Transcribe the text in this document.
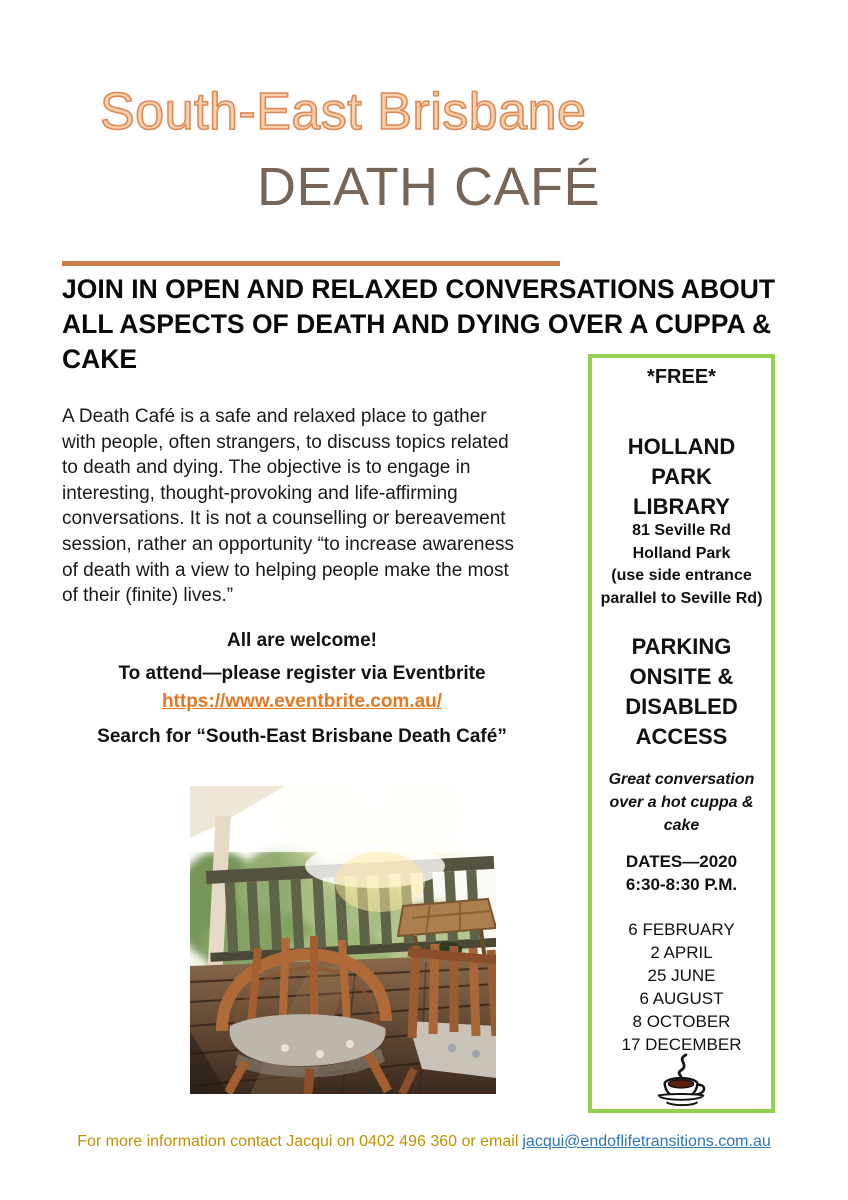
South-East Brisbane
DEATH CAFÉ
JOIN IN OPEN AND RELAXED CONVERSATIONS ABOUT
ALL ASPECTS OF DEATH AND DYING OVER A CUPPA &
CAKE
A Death Café is a safe and relaxed place to gather
with people, often strangers, to discuss topics related
to death and dying. The objective is to engage in
interesting, thought-provoking and life-affirming
conversations. It is not a counselling or bereavement
session, rather an opportunity “to increase awareness
of death with a view to helping people make the most
of their (finite) lives.”
All are welcome!
To attend—please register via Eventbrite
https://www.eventbrite.com.au/
Search for “South-East Brisbane Death Café”
*FREE*
HOLLAND
PARK
LIBRARY
81 Seville Rd
Holland Park
(use side entrance
parallel to Seville Rd)
PARKING
ONSITE &
DISABLED
ACCESS
Great conversation
over a hot cuppa &
cake
DATES—2020
6:30-8:30 P.M.
6 FEBRUARY
2 APRIL
25 JUNE
6 AUGUST
8 OCTOBER
17 DECEMBER
For more information contact Jacqui on 0402 496 360 or email jacqui@endoflifetransitions.com.au
